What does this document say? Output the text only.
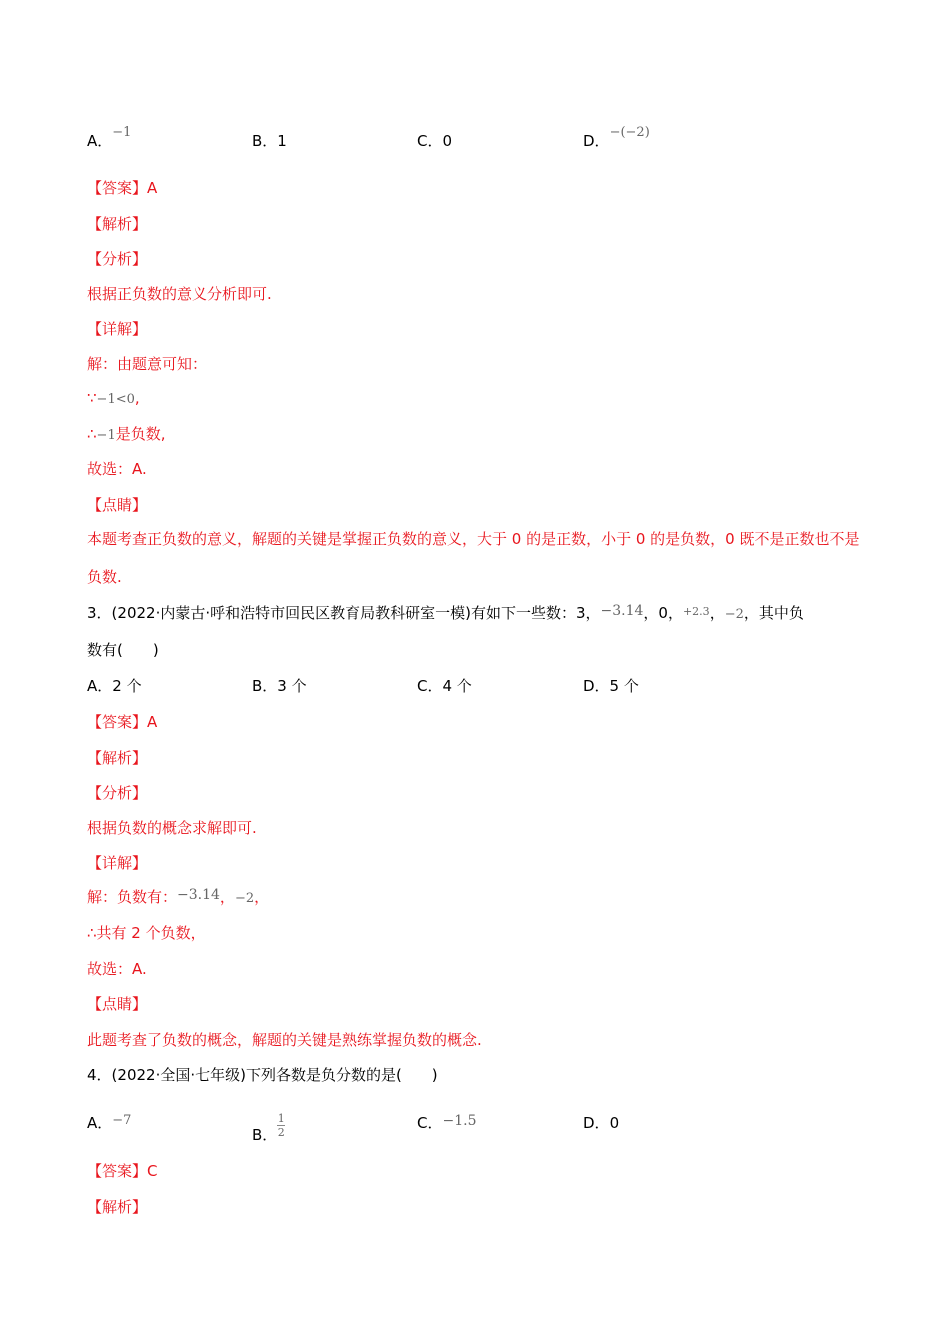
A．−1	B．1	C．0	D．−(−2)
【答案】A
【解析】
【分析】
根据正负数的意义分析即可.
【详解】
解：由题意可知：
∵−1<0,
∴−1是负数,
故选：A.
【点睛】
本题考查正负数的意义，解题的关键是掌握正负数的意义，大于 0 的是正数，小于 0 的是负数，0 既不是正数也不是负数.
3．(2022·内蒙古·呼和浩特市回民区教育局教科研室一模)有如下一些数：3，−3.14，0，$^{+2.3}$，−2，其中负
数有(　　)
A．2 个	B．3 个	C．4 个	D．5 个
【答案】A
【解析】
【分析】
根据负数的概念求解即可.
【详解】
解：负数有：−3.14，−2，
∴共有 2 个负数，
故选：A.
【点睛】
此题考查了负数的概念，解题的关键是熟练掌握负数的概念.
4．(2022·全国·七年级)下列各数是负分数的是(　　)
A．−7
B．$\frac{1}{2}$	C．−1.5	D．0
【答案】C
【解析】
